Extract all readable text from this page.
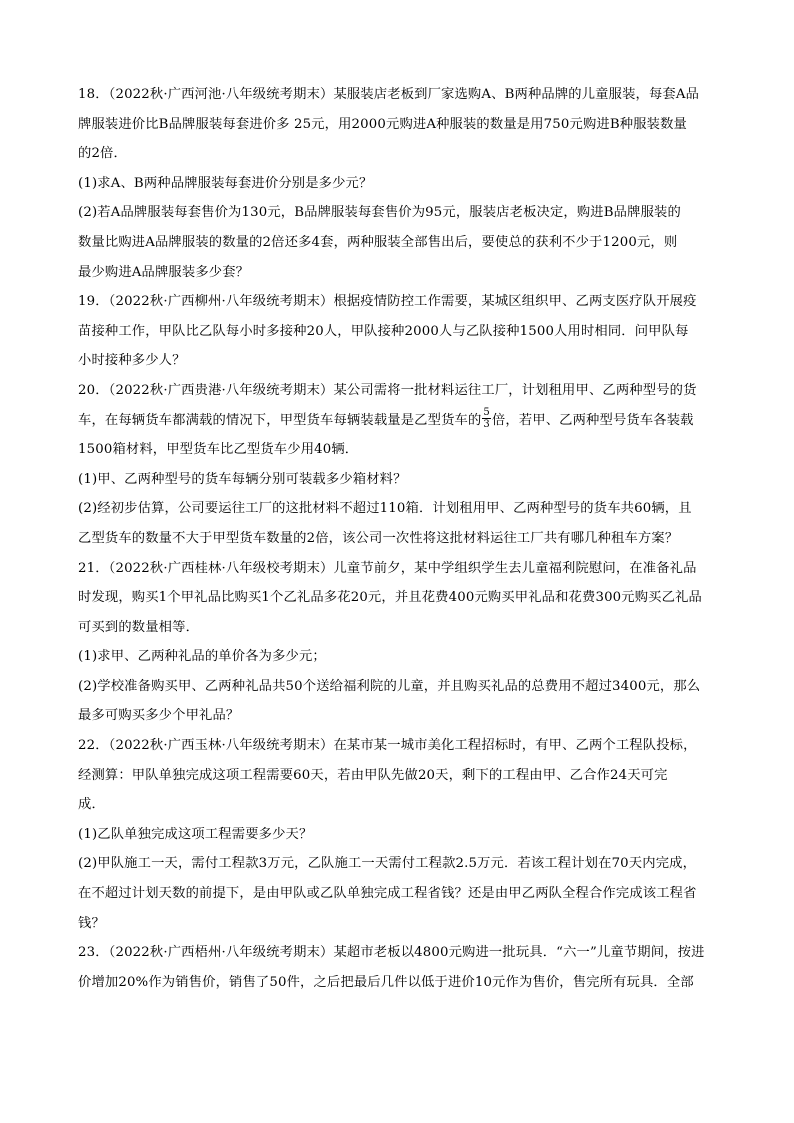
18．（2022秋·广西河池·八年级统考期末）某服装店老板到厂家选购A、B两种品牌的儿童服装，每套A品
牌服装进价比B品牌服装每套进价多 25元，用2000元购进A种服装的数量是用750元购进B种服装数量
的2倍．
(1)求A、B两种品牌服装每套进价分别是多少元？
(2)若A品牌服装每套售价为130元，B品牌服装每套售价为95元，服装店老板决定，购进B品牌服装的
数量比购进A品牌服装的数量的2倍还多4套，两种服装全部售出后，要使总的获利不少于1200元，则
最少购进A品牌服装多少套？
19．（2022秋·广西柳州·八年级统考期末）根据疫情防控工作需要，某城区组织甲、乙两支医疗队开展疫
苗接种工作，甲队比乙队每小时多接种20人，甲队接种2000人与乙队接种1500人用时相同．问甲队每
小时接种多少人？
20．（2022秋·广西贵港·八年级统考期末）某公司需将一批材料运往工厂，计划租用甲、乙两种型号的货
车，在每辆货车都满载的情况下，甲型货车每辆装载量是乙型货车的 $\frac{5}{3}$ 倍，若甲、乙两种型号货车各装载
1500箱材料，甲型货车比乙型货车少用40辆．
(1)甲、乙两种型号的货车每辆分别可装载多少箱材料？
(2)经初步估算，公司要运往工厂的这批材料不超过110箱．计划租用甲、乙两种型号的货车共60辆，且
乙型货车的数量不大于甲型货车数量的2倍，该公司一次性将这批材料运往工厂共有哪几种租车方案？
21．（2022秋·广西桂林·八年级校考期末）儿童节前夕，某中学组织学生去儿童福利院慰问，在准备礼品
时发现，购买1个甲礼品比购买1个乙礼品多花20元，并且花费400元购买甲礼品和花费300元购买乙礼品
可买到的数量相等．
(1)求甲、乙两种礼品的单价各为多少元；
(2)学校准备购买甲、乙两种礼品共50个送给福利院的儿童，并且购买礼品的总费用不超过3400元，那么
最多可购买多少个甲礼品？
22．（2022秋·广西玉林·八年级统考期末）在某市某一城市美化工程招标时，有甲、乙两个工程队投标，
经测算：甲队单独完成这项工程需要60天，若由甲队先做20天，剩下的工程由甲、乙合作24天可完
成．
(1)乙队单独完成这项工程需要多少天？
(2)甲队施工一天，需付工程款3万元，乙队施工一天需付工程款2.5万元．若该工程计划在70天内完成，
在不超过计划天数的前提下，是由甲队或乙队单独完成工程省钱？还是由甲乙两队全程合作完成该工程省
钱？
23．（2022秋·广西梧州·八年级统考期末）某超市老板以4800元购进一批玩具．“六一”儿童节期间，按进
价增加20%作为销售价，销售了50件，之后把最后几件以低于进价10元作为售价，售完所有玩具．全部
